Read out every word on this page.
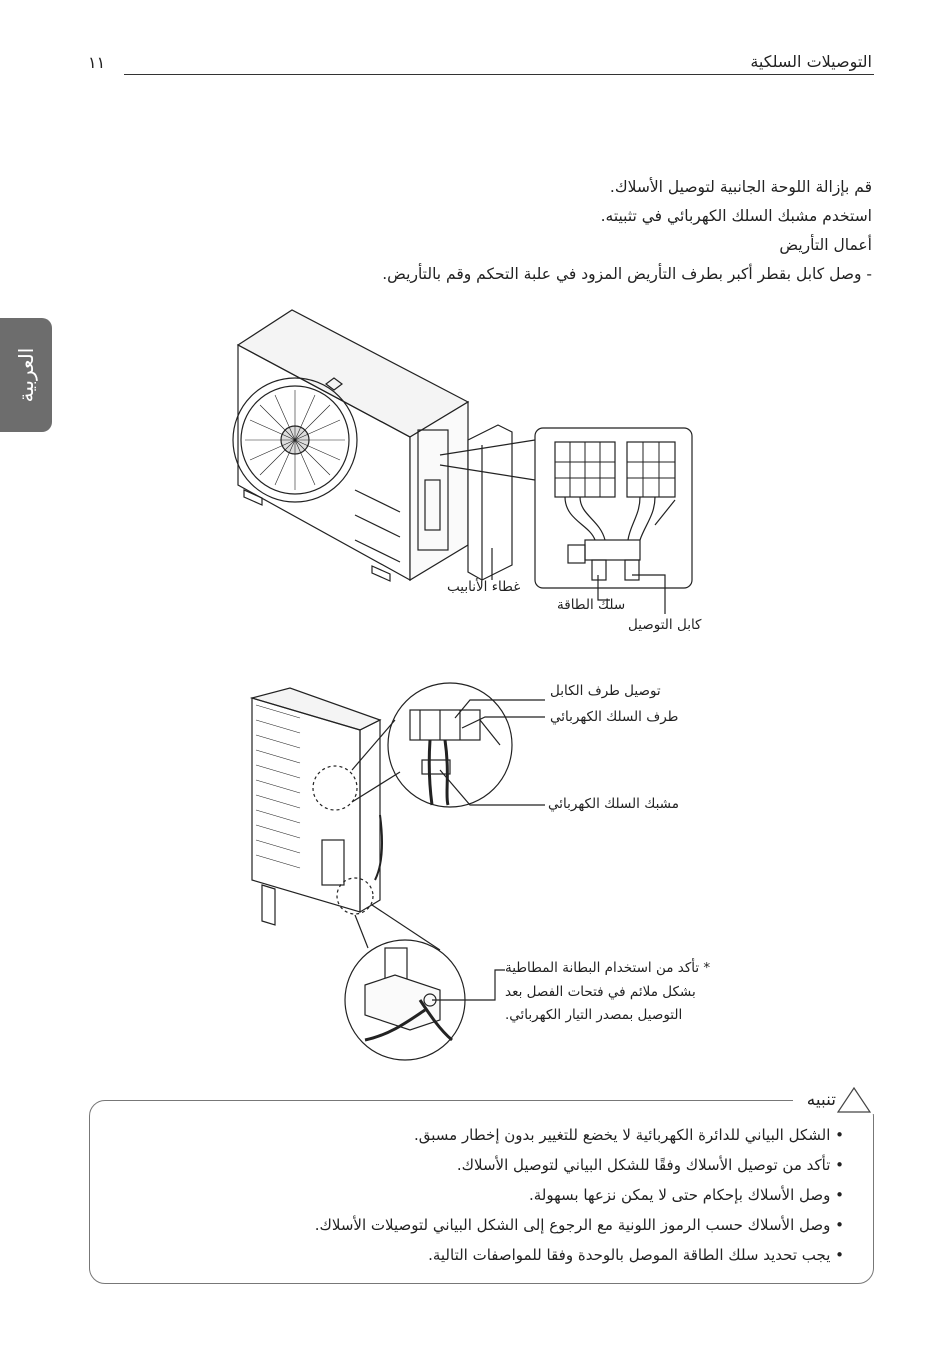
التوصيلات السلكية
١١
العربية
قم بإزالة اللوحة الجانبية لتوصيل الأسلاك.
استخدم مشبك السلك الكهربائي في تثبيته.
أعمال التأريض
- وصل كابل بقطر أكبر بطرف التأريض المزود في علبة التحكم وقم بالتأريض.
غطاء الأنابيب
سلك الطاقة
كابل التوصيل
توصيل طرف الكابل
طرف السلك الكهربائي
مشبك السلك الكهربائي
* تأكد من استخدام البطانة المطاطية
بشكل ملائم في فتحات الفصل بعد
التوصيل بمصدر التيار الكهربائي.
تنبيه
• الشكل البياني للدائرة الكهربائية لا يخضع للتغيير بدون إخطار مسبق.
• تأكد من توصيل الأسلاك وفقًا للشكل البياني لتوصيل الأسلاك.
• وصل الأسلاك بإحكام حتى لا يمكن نزعها بسهولة.
• وصل الأسلاك حسب الرموز اللونية مع الرجوع إلى الشكل البياني لتوصيلات الأسلاك.
• يجب تحديد سلك الطاقة الموصل بالوحدة وفقا للمواصفات التالية.
